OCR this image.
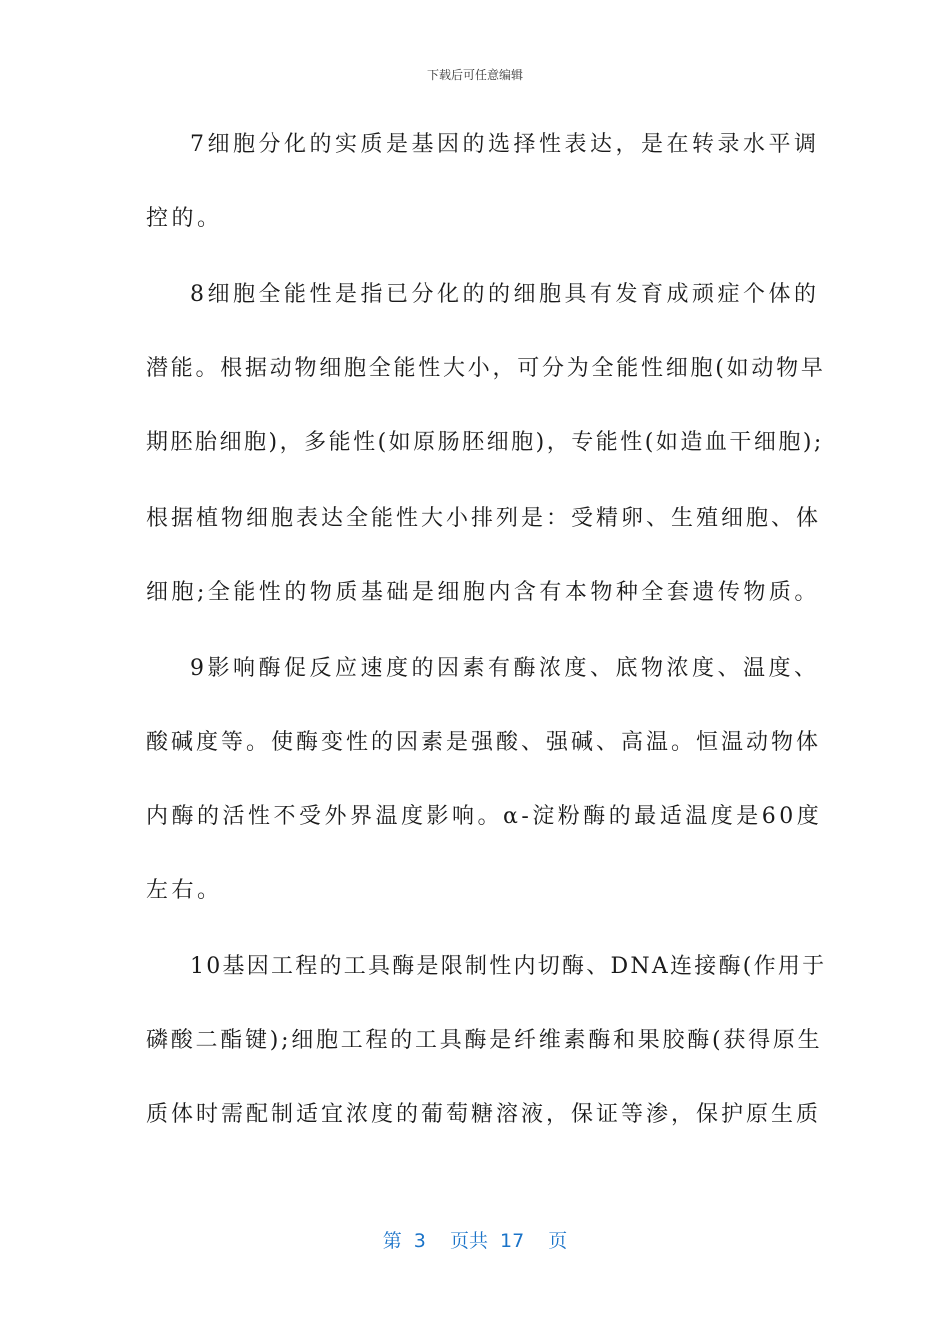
下载后可任意编辑
7细胞分化的实质是基因的选择性表达，是在转录水平调
控的。
8细胞全能性是指已分化的的细胞具有发育成顽症个体的
潜能。根据动物细胞全能性大小，可分为全能性细胞(如动物早
期胚胎细胞)，多能性(如原肠胚细胞)，专能性(如造血干细胞);
根据植物细胞表达全能性大小排列是：受精卵、生殖细胞、体
细胞;全能性的物质基础是细胞内含有本物种全套遗传物质。
9影响酶促反应速度的因素有酶浓度、底物浓度、温度、
酸碱度等。使酶变性的因素是强酸、强碱、高温。恒温动物体
内酶的活性不受外界温度影响。α-淀粉酶的最适温度是60度
左右。
10基因工程的工具酶是限制性内切酶、DNA连接酶(作用于
磷酸二酯键);细胞工程的工具酶是纤维素酶和果胶酶(获得原生
质体时需配制适宜浓度的葡萄糖溶液，保证等渗，保护原生质
第 3  页共 17  页
